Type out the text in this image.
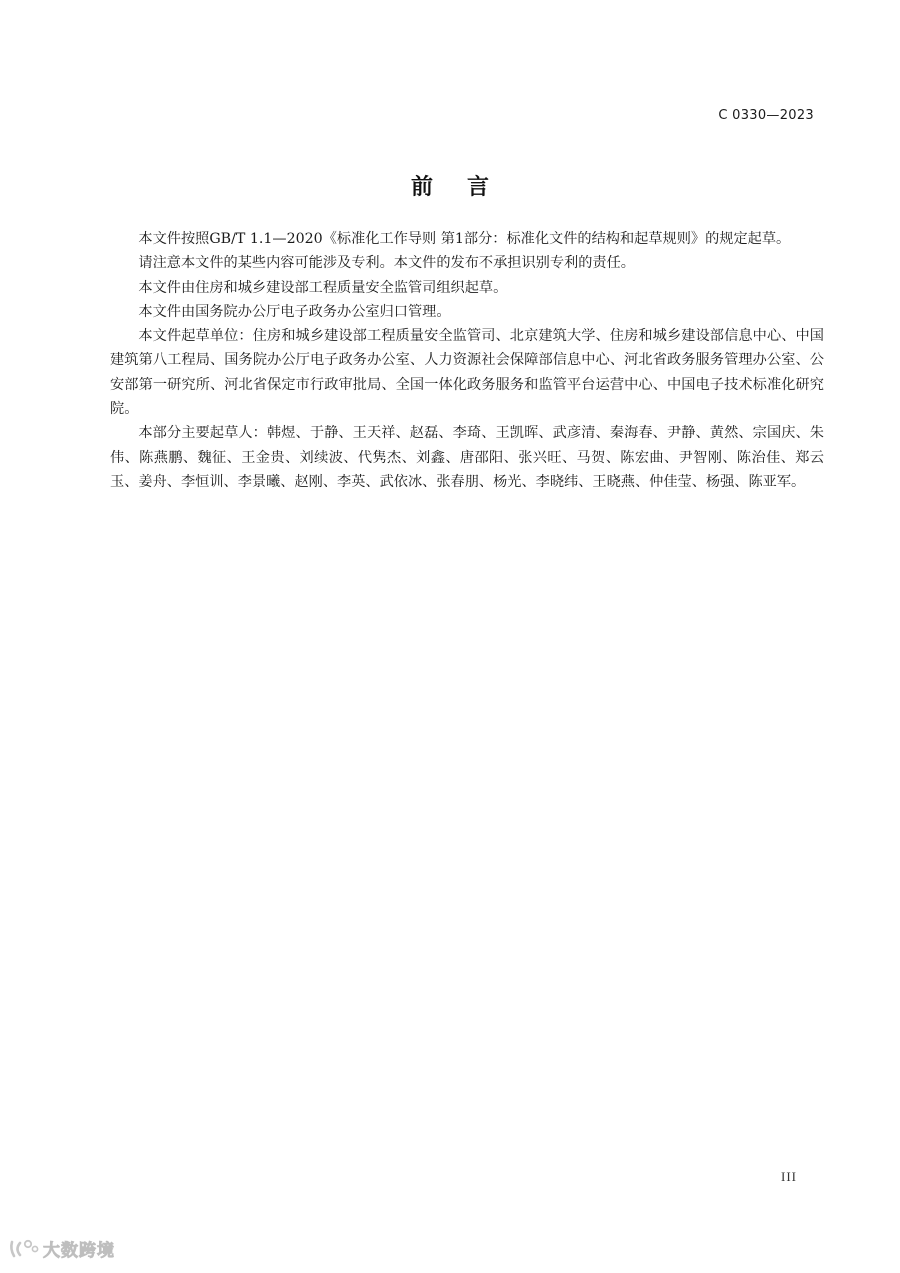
C 0330—2023
前言

本文件按照GB/T 1.1—2020《标准化工作导则 第1部分：标准化文件的结构和起草规则》的规定起草。

请注意本文件的某些内容可能涉及专利。本文件的发布不承担识别专利的责任。

本文件由住房和城乡建设部工程质量安全监管司组织起草。

本文件由国务院办公厅电子政务办公室归口管理。

本文件起草单位：住房和城乡建设部工程质量安全监管司、北京建筑大学、住房和城乡建设部信息中心、中国建筑第八工程局、国务院办公厅电子政务办公室、人力资源社会保障部信息中心、河北省政务服务管理办公室、公安部第一研究所、河北省保定市行政审批局、全国一体化政务服务和监管平台运营中心、中国电子技术标准化研究院。

本部分主要起草人：韩煜、于静、王天祥、赵磊、李琦、王凯晖、武彦清、秦海春、尹静、黄然、宗国庆、朱伟、陈燕鹏、魏征、王金贵、刘续波、代隽杰、刘鑫、唐邵阳、张兴旺、马贺、陈宏曲、尹智刚、陈治佳、郑云玉、姜舟、李恒训、李景曦、赵刚、李英、武依冰、张春朋、杨光、李晓纬、王晓燕、仲佳莹、杨强、陈亚军。

III
大数跨境
